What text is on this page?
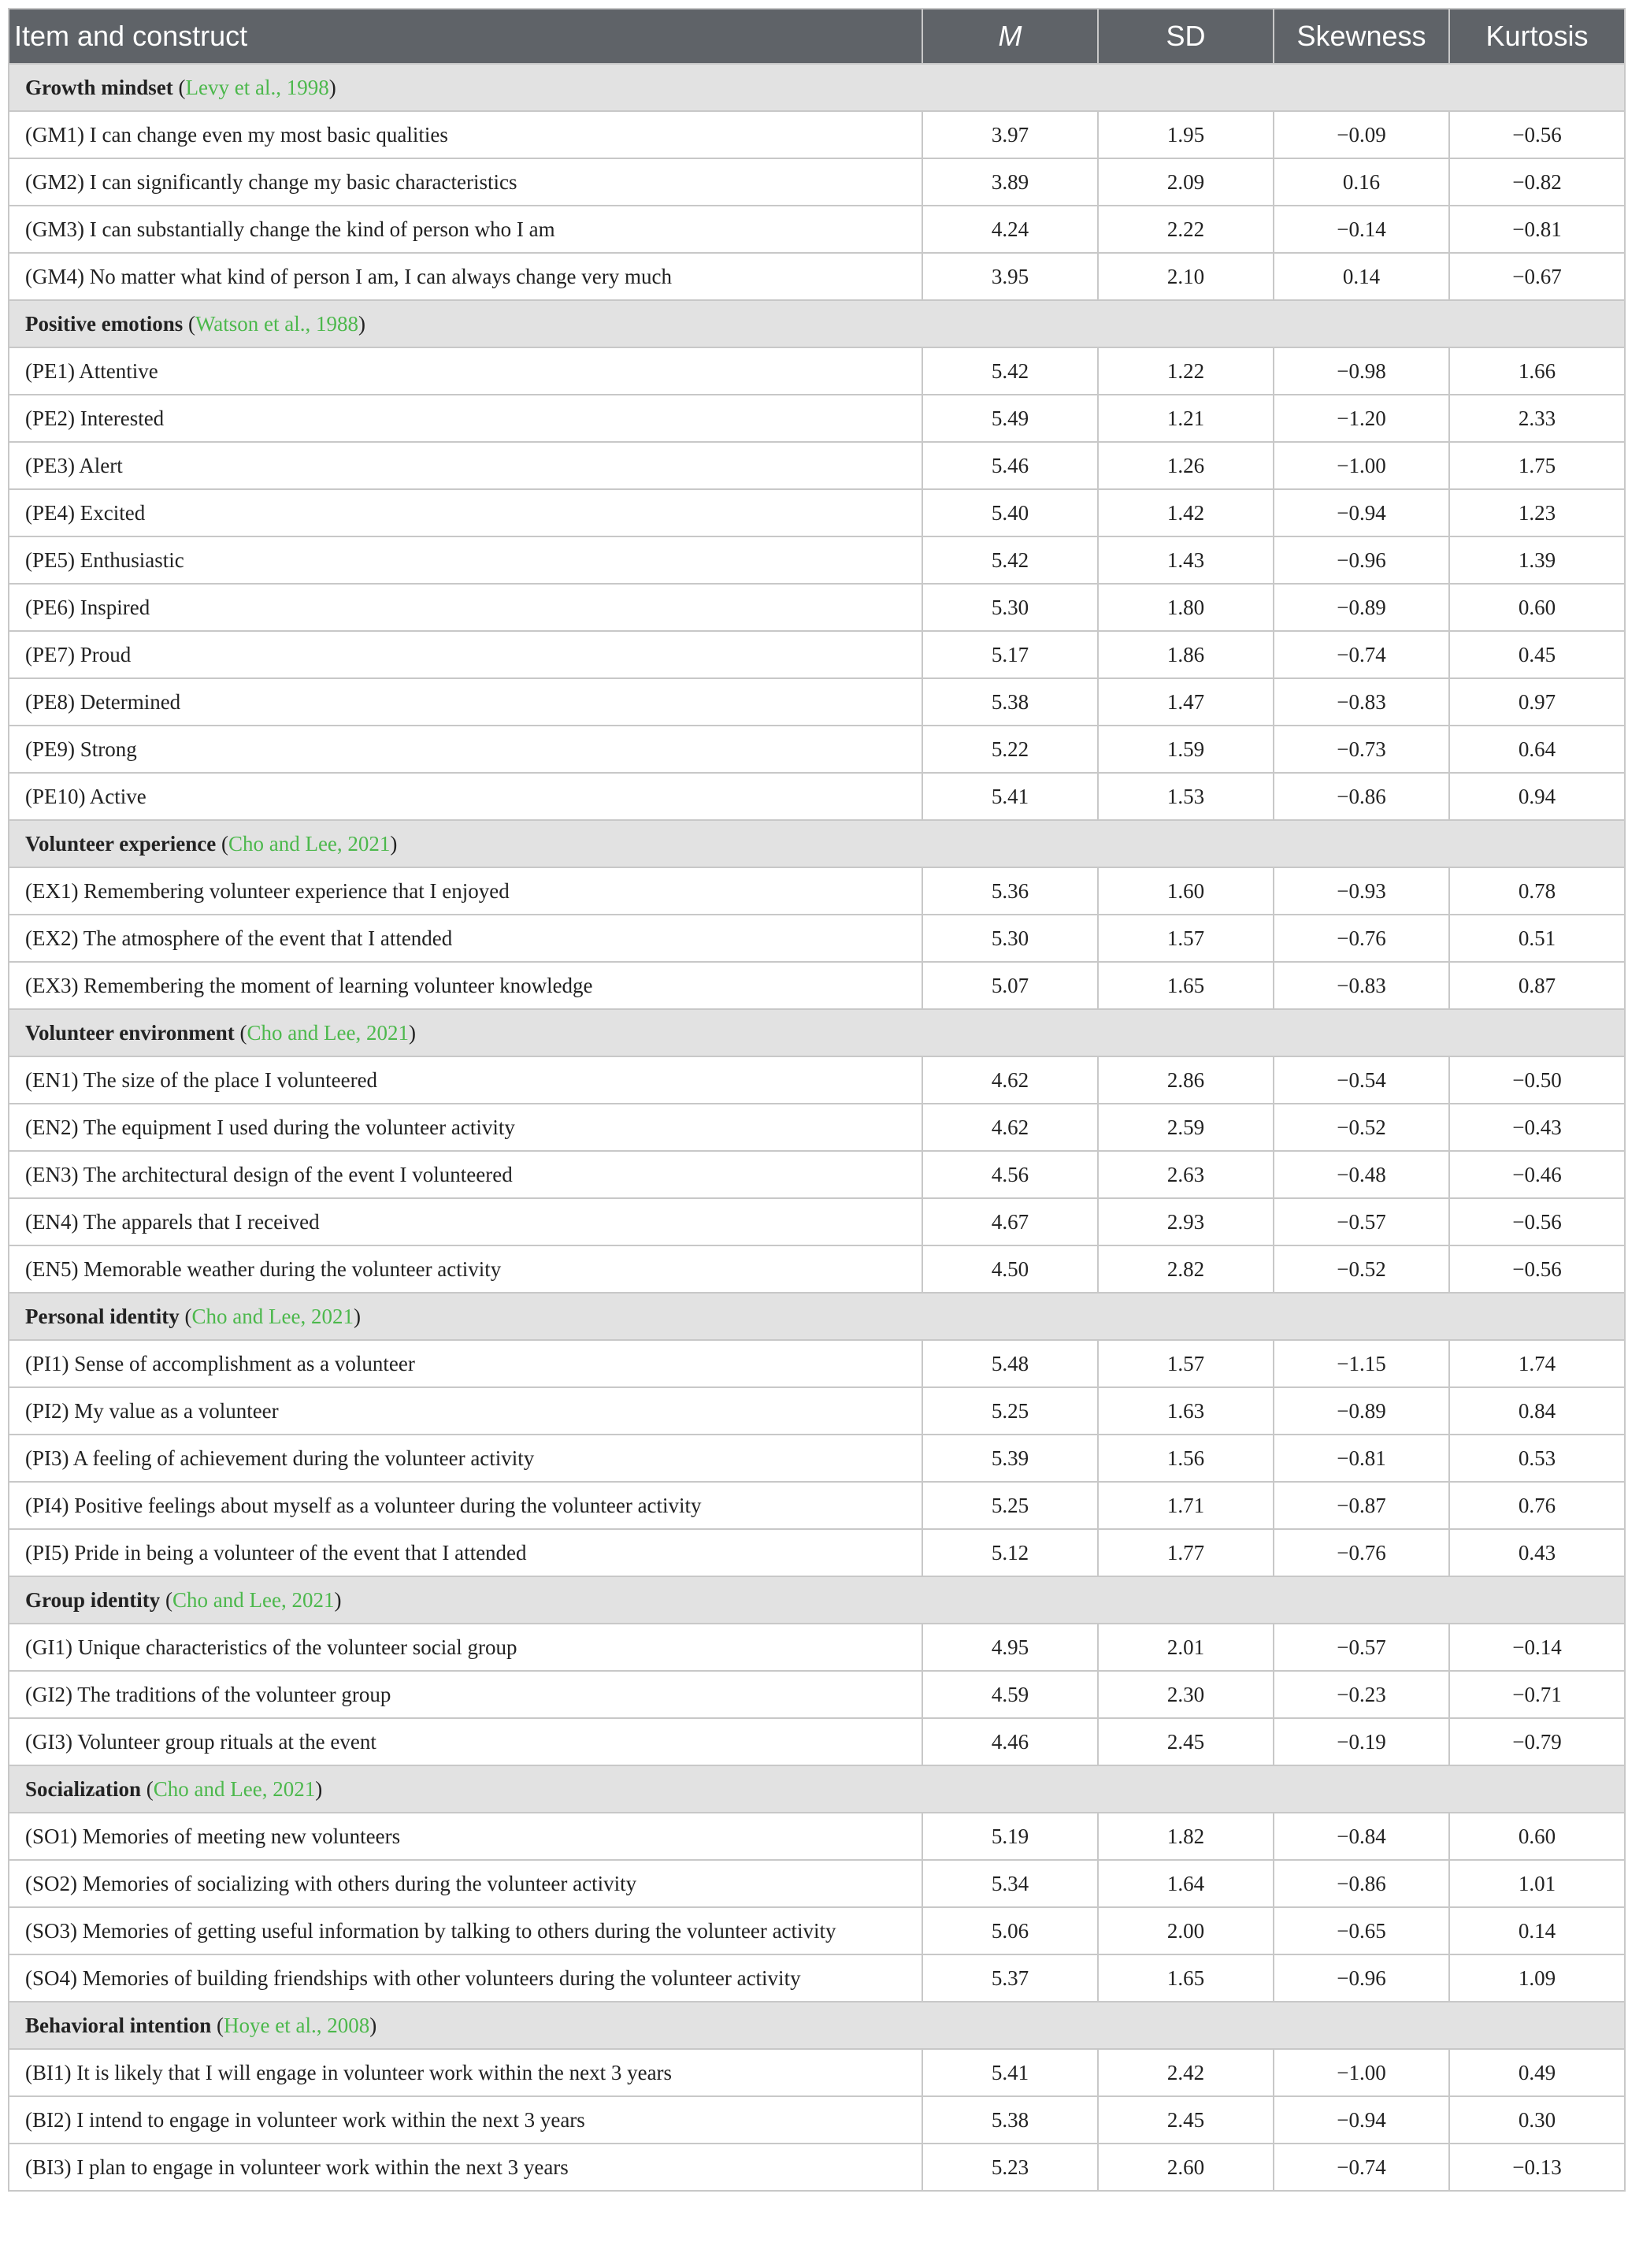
Item and construct	M	SD	Skewness	Kurtosis
Growth mindset (Levy et al., 1998)				
(GM1) I can change even my most basic qualities	3.97	1.95	−0.09	−0.56
(GM2) I can significantly change my basic characteristics	3.89	2.09	0.16	−0.82
(GM3) I can substantially change the kind of person who I am	4.24	2.22	−0.14	−0.81
(GM4) No matter what kind of person I am, I can always change very much	3.95	2.10	0.14	−0.67
Positive emotions (Watson et al., 1988)				
(PE1) Attentive	5.42	1.22	−0.98	1.66
(PE2) Interested	5.49	1.21	−1.20	2.33
(PE3) Alert	5.46	1.26	−1.00	1.75
(PE4) Excited	5.40	1.42	−0.94	1.23
(PE5) Enthusiastic	5.42	1.43	−0.96	1.39
(PE6) Inspired	5.30	1.80	−0.89	0.60
(PE7) Proud	5.17	1.86	−0.74	0.45
(PE8) Determined	5.38	1.47	−0.83	0.97
(PE9) Strong	5.22	1.59	−0.73	0.64
(PE10) Active	5.41	1.53	−0.86	0.94
Volunteer experience (Cho and Lee, 2021)				
(EX1) Remembering volunteer experience that I enjoyed	5.36	1.60	−0.93	0.78
(EX2) The atmosphere of the event that I attended	5.30	1.57	−0.76	0.51
(EX3) Remembering the moment of learning volunteer knowledge	5.07	1.65	−0.83	0.87
Volunteer environment (Cho and Lee, 2021)				
(EN1) The size of the place I volunteered	4.62	2.86	−0.54	−0.50
(EN2) The equipment I used during the volunteer activity	4.62	2.59	−0.52	−0.43
(EN3) The architectural design of the event I volunteered	4.56	2.63	−0.48	−0.46
(EN4) The apparels that I received	4.67	2.93	−0.57	−0.56
(EN5) Memorable weather during the volunteer activity	4.50	2.82	−0.52	−0.56
Personal identity (Cho and Lee, 2021)				
(PI1) Sense of accomplishment as a volunteer	5.48	1.57	−1.15	1.74
(PI2) My value as a volunteer	5.25	1.63	−0.89	0.84
(PI3) A feeling of achievement during the volunteer activity	5.39	1.56	−0.81	0.53
(PI4) Positive feelings about myself as a volunteer during the volunteer activity	5.25	1.71	−0.87	0.76
(PI5) Pride in being a volunteer of the event that I attended	5.12	1.77	−0.76	0.43
Group identity (Cho and Lee, 2021)				
(GI1) Unique characteristics of the volunteer social group	4.95	2.01	−0.57	−0.14
(GI2) The traditions of the volunteer group	4.59	2.30	−0.23	−0.71
(GI3) Volunteer group rituals at the event	4.46	2.45	−0.19	−0.79
Socialization (Cho and Lee, 2021)				
(SO1) Memories of meeting new volunteers	5.19	1.82	−0.84	0.60
(SO2) Memories of socializing with others during the volunteer activity	5.34	1.64	−0.86	1.01
(SO3) Memories of getting useful information by talking to others during the volunteer activity	5.06	2.00	−0.65	0.14
(SO4) Memories of building friendships with other volunteers during the volunteer activity	5.37	1.65	−0.96	1.09
Behavioral intention (Hoye et al., 2008)				
(BI1) It is likely that I will engage in volunteer work within the next 3 years	5.41	2.42	−1.00	0.49
(BI2) I intend to engage in volunteer work within the next 3 years	5.38	2.45	−0.94	0.30
(BI3) I plan to engage in volunteer work within the next 3 years	5.23	2.60	−0.74	−0.13
